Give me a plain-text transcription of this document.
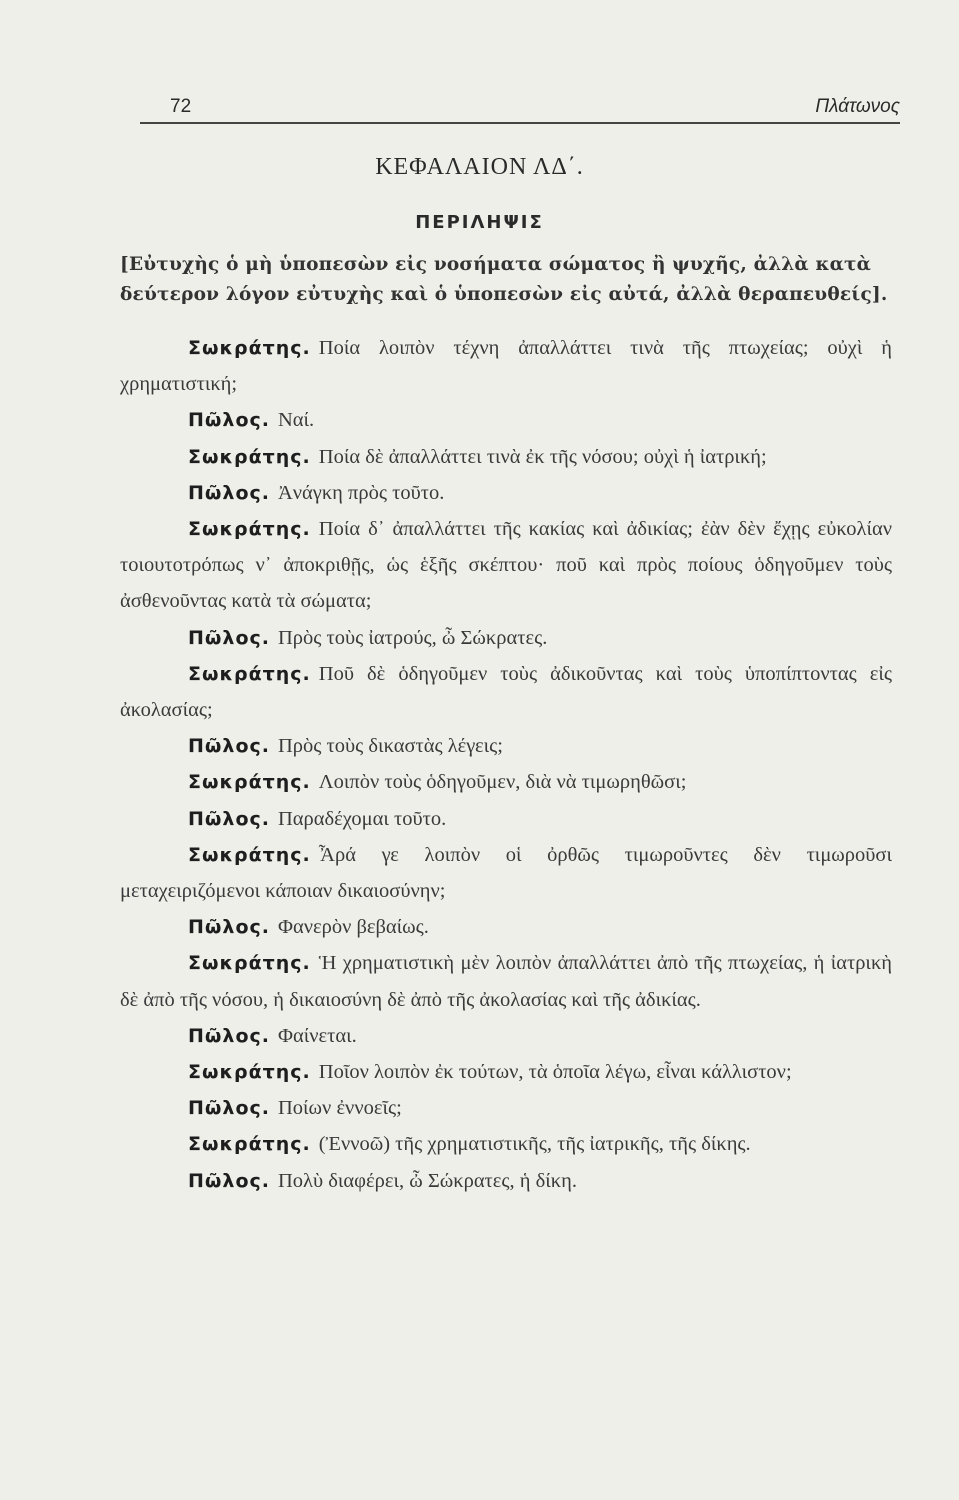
72	Πλάτωνος
ΚΕΦΑΛΑΙΟΝ ΛΔ΄.
ΠΕΡΙΛΗΨΙΣ
[Εὐτυχὴς ὁ μὴ ὑποπεσὼν εἰς νοσήματα σώματος ἢ ψυχῆς, ἀλλὰ κατὰ δεύτερον λόγον εὐτυχὴς καὶ ὁ ὑποπεσὼν εἰς αὐτά, ἀλλὰ θεραπευθείς].

Σωκράτης. Ποία λοιπὸν τέχνη ἀπαλλάττει τινὰ τῆς πτωχείας; οὐχὶ ἡ χρηματιστική;

Πῶλος. Ναί.

Σωκράτης. Ποία δὲ ἀπαλλάττει τινὰ ἐκ τῆς νόσου; οὐχὶ ἡ ἰατρική;

Πῶλος. Ἀνάγκη πρὸς τοῦτο.

Σωκράτης. Ποία δ᾽ ἀπαλλάττει τῆς κακίας καὶ ἀδικίας; ἐὰν δὲν ἔχῃς εὐκολίαν τοιουτοτρόπως ν᾽ ἀποκριθῇς, ὡς ἑξῆς σκέπτου· ποῦ καὶ πρὸς ποίους ὁδηγοῦμεν τοὺς ἀσθενοῦντας κατὰ τὰ σώματα;

Πῶλος. Πρὸς τοὺς ἰατρούς, ὦ Σώκρατες.

Σωκράτης. Ποῦ δὲ ὁδηγοῦμεν τοὺς ἀδικοῦντας καὶ τοὺς ὑποπίπτοντας εἰς ἀκολασίας;

Πῶλος. Πρὸς τοὺς δικαστὰς λέγεις;

Σωκράτης. Λοιπὸν τοὺς ὁδηγοῦμεν, διὰ νὰ τιμωρηθῶσι;

Πῶλος. Παραδέχομαι τοῦτο.

Σωκράτης. Ἆρά γε λοιπὸν οἱ ὀρθῶς τιμωροῦντες δὲν τιμωροῦσι μεταχειριζόμενοι κάποιαν δικαιοσύνην;

Πῶλος. Φανερὸν βεβαίως.

Σωκράτης. Ἡ χρηματιστικὴ μὲν λοιπὸν ἀπαλλάττει ἀπὸ τῆς πτωχείας, ἡ ἰατρικὴ δὲ ἀπὸ τῆς νόσου, ἡ δικαιοσύνη δὲ ἀπὸ τῆς ἀκολασίας καὶ τῆς ἀδικίας.

Πῶλος. Φαίνεται.

Σωκράτης. Ποῖον λοιπὸν ἐκ τούτων, τὰ ὁποῖα λέγω, εἶναι κάλλιστον;

Πῶλος. Ποίων ἐννοεῖς;

Σωκράτης. (Ἐννοῶ) τῆς χρηματιστικῆς, τῆς ἰατρικῆς, τῆς δίκης.

Πῶλος. Πολὺ διαφέρει, ὦ Σώκρατες, ἡ δίκη.
